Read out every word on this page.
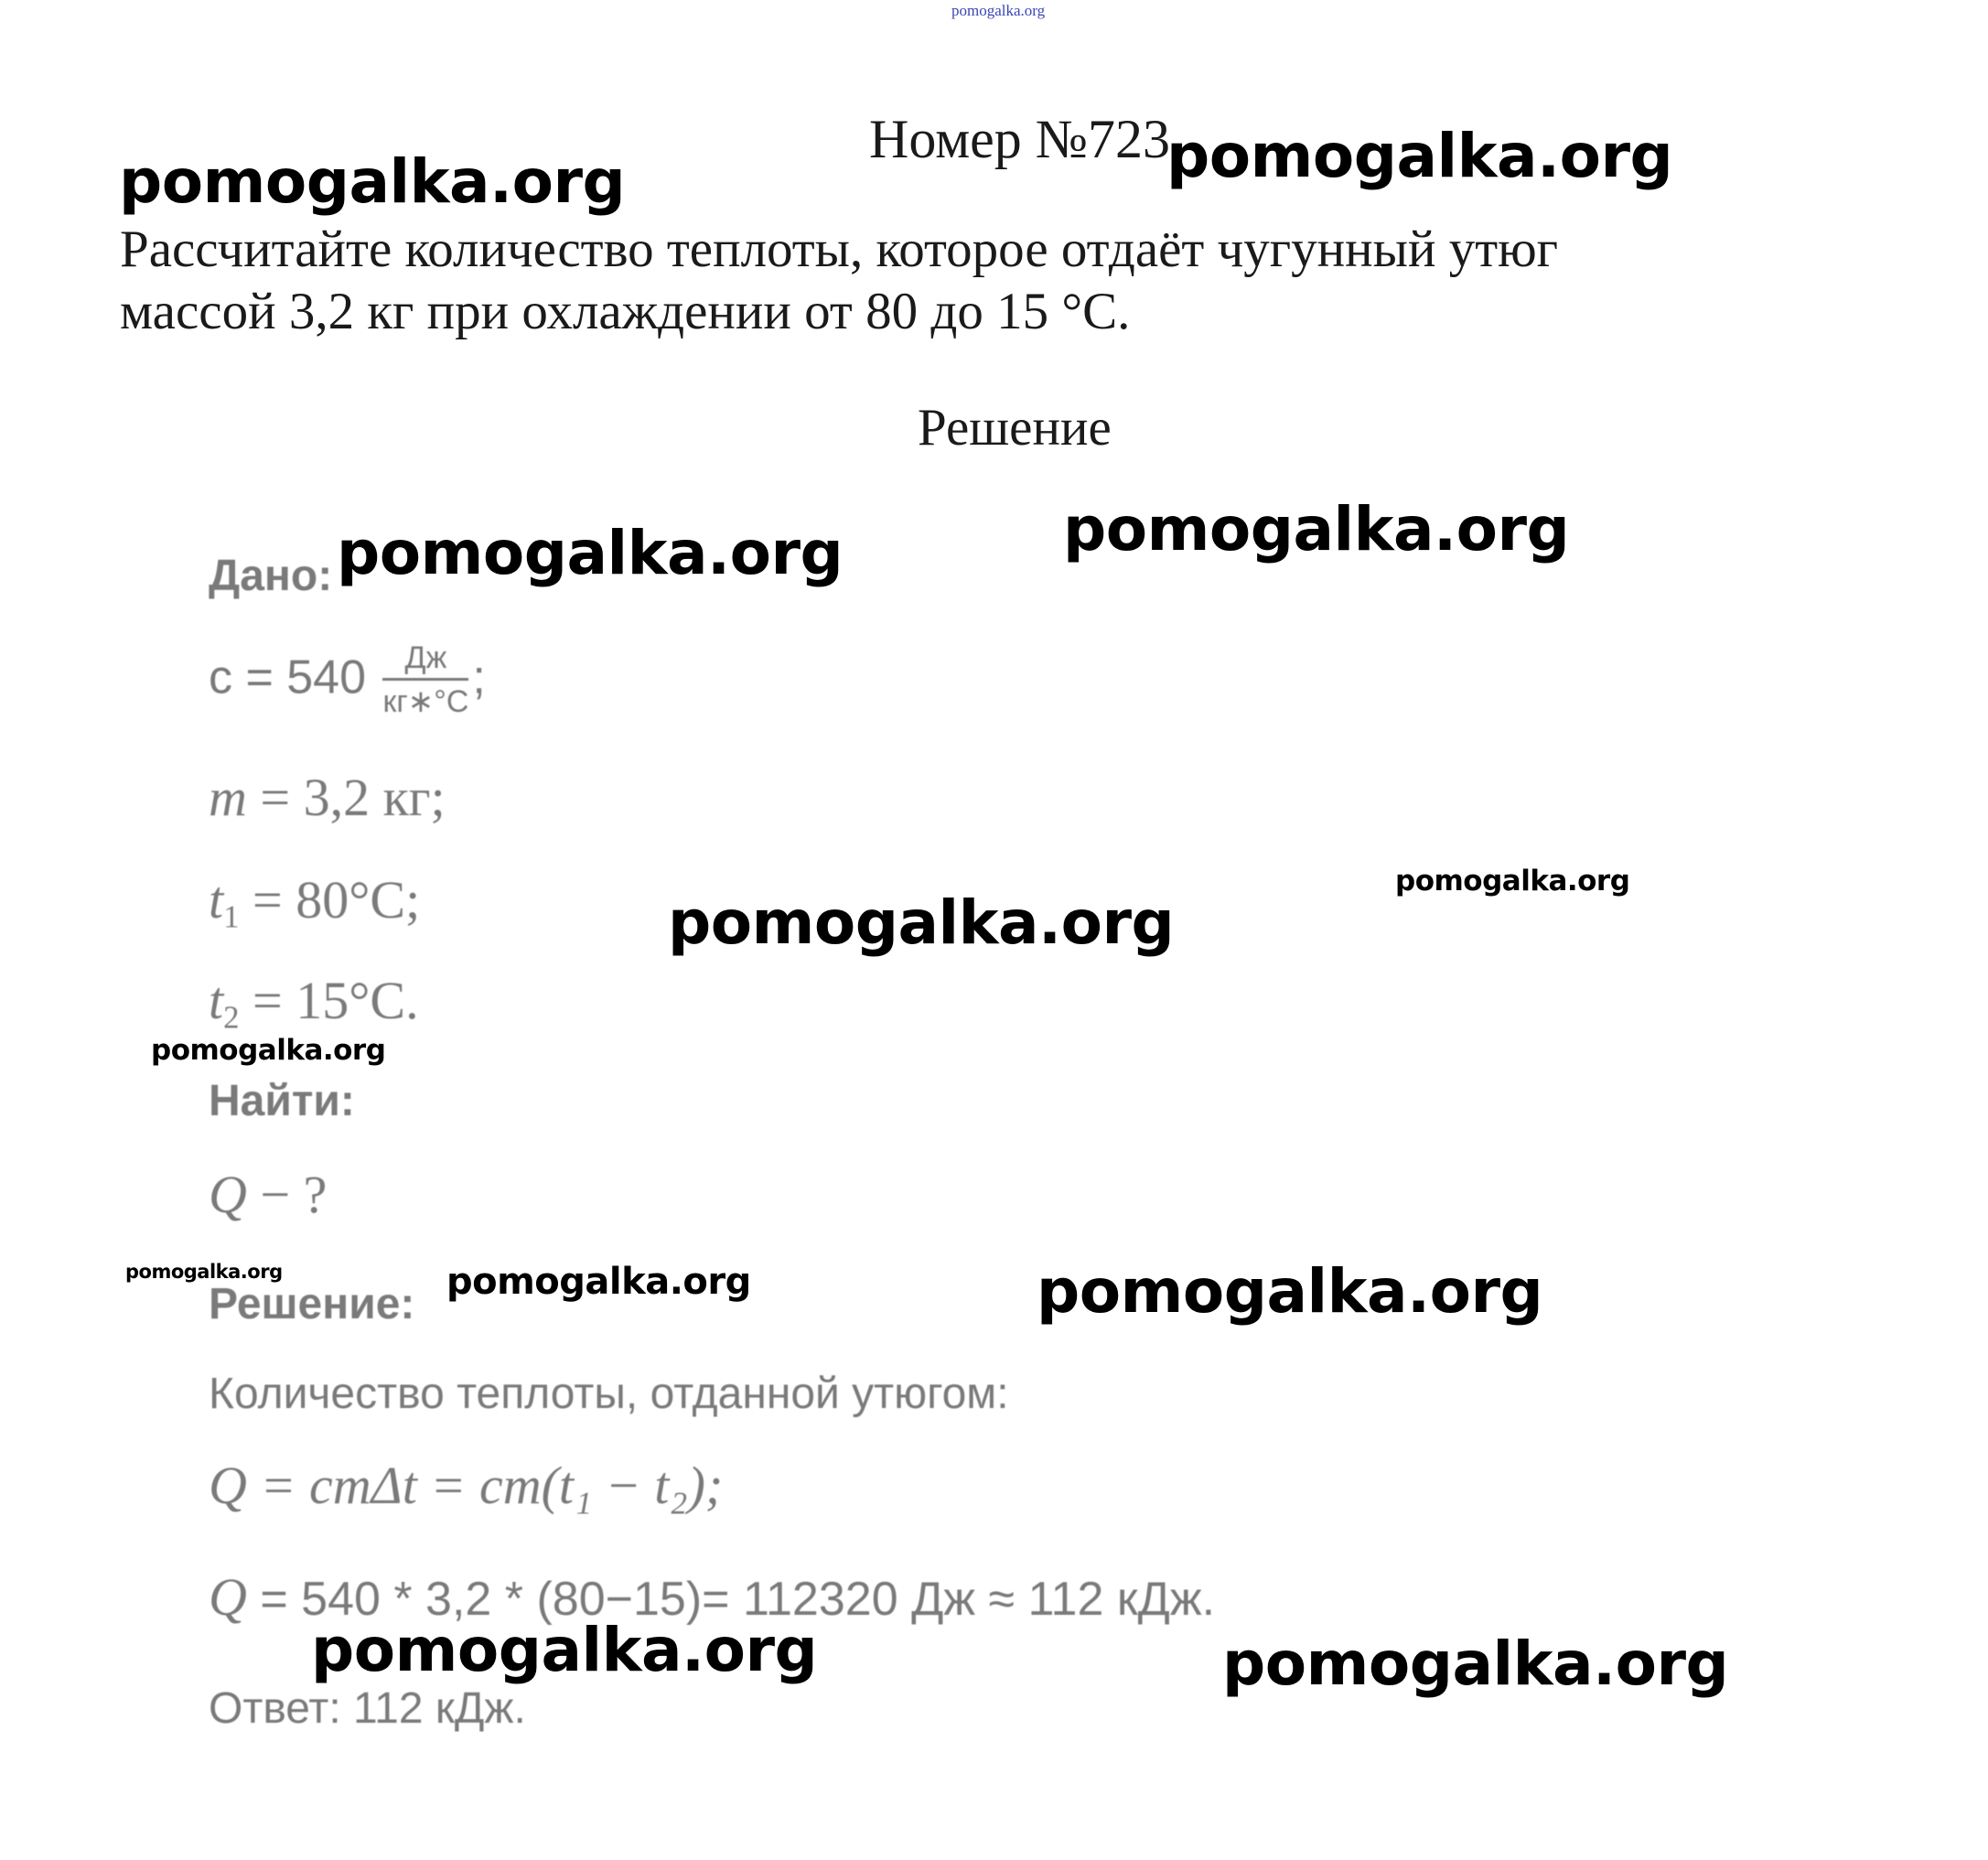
pomogalka.org
Номер №723
Рассчитайте количество теплоты, которое отдаёт чугунный утюг
массой 3,2 кг при охлаждении от 80 до 15 °С.
Решение
Дано:
$c = 540 \frac{Дж}{кг∗^\circ С}$ ;
m = 3,2 кг;
$t_1 = 80^\circ С$;
$t_2 = 15^\circ С$.
Найти:
Q − ?
Решение:
Количество теплоты, отданной утюгом:
Q = cmΔt = cm(t₁ − t₂);
Q = 540 * 3,2 * (80−15)= 112320 Дж ≈ 112 кДж.
Ответ: 112 кДж.
pomogalka.org	pomogalka.org
pomogalka.org
pomogalka.org
pomogalka.org
pomogalka.org
pomogalka.org
pomogalka.org	pomogalka.org	pomogalka.org
pomogalka.org	pomogalka.org
